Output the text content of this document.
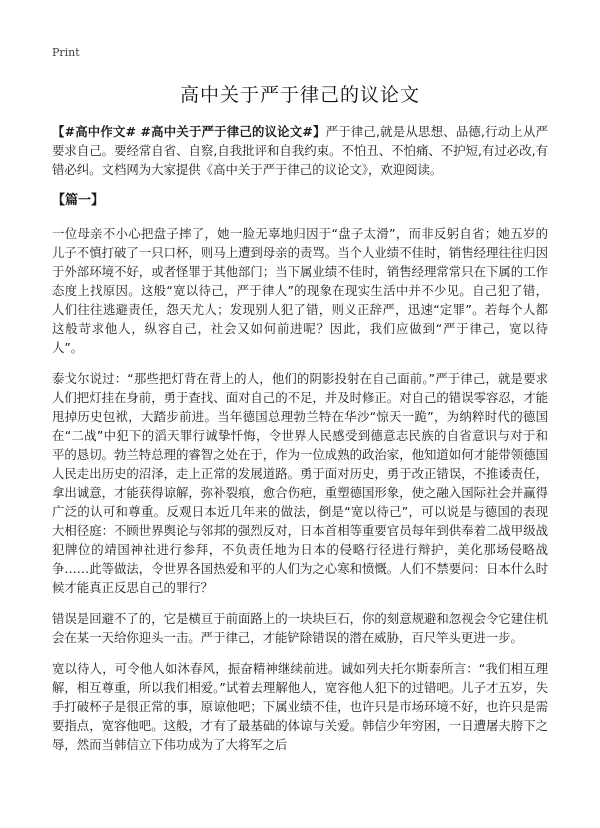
Print
高中关于严于律己的议论文

【#高中作文# #高中关于严于律己的议论文#】严于律己,就是从思想、品德,行动上从严要求自己。要经常自省、自察,自我批评和自我约束。不怕丑、不怕痛、不护短,有过必改,有错必纠。文档网为大家提供《高中关于严于律己的议论文》，欢迎阅读。

【篇一】

一位母亲不小心把盘子摔了，她一脸无辜地归因于“盘子太滑”，而非反躬自省；她五岁的儿子不慎打破了一只口杯，则马上遭到母亲的责骂。当个人业绩不佳时，销售经理往往归因于外部环境不好，或者怪罪于其他部门；当下属业绩不佳时，销售经理常常只在下属的工作态度上找原因。这般“宽以待己，严于律人”的现象在现实生活中并不少见。自己犯了错，人们往往逃避责任，怨天尤人；发现别人犯了错，则义正辞严，迅速“定罪”。若每个人都这般苛求他人，纵容自己，社会又如何前进呢？因此，我们应做到“严于律己，宽以待人”。

泰戈尔说过：“那些把灯背在背上的人，他们的阴影投射在自己面前。”严于律己，就是要求人们把灯挂在身前，勇于查找、面对自己的不足，并及时修正。对自己的错误零容忍，才能甩掉历史包袱，大踏步前进。当年德国总理勃兰特在华沙“惊天一跪”，为纳粹时代的德国在“二战”中犯下的滔天罪行诚挚忏悔，令世界人民感受到德意志民族的自省意识与对于和平的恳切。勃兰特总理的睿智之处在于，作为一位成熟的政治家，他知道如何才能带领德国人民走出历史的沼泽，走上正常的发展道路。勇于面对历史，勇于改正错误，不推诿责任，拿出诚意，才能获得谅解，弥补裂痕，愈合伤疤，重塑德国形象，使之融入国际社会并赢得广泛的认可和尊重。反观日本近几年来的做法，倒是“宽以待己”，可以说是与德国的表现大相径庭：不顾世界舆论与邻邦的强烈反对，日本首相等重要官员每年到供奉着二战甲级战犯牌位的靖国神社进行参拜，不负责任地为日本的侵略行径进行辩护，美化那场侵略战争……此等做法，令世界各国热爱和平的人们为之心寒和愤慨。人们不禁要问：日本什么时候才能真正反思自己的罪行？

错误是回避不了的，它是横亘于前面路上的一块块巨石，你的刻意规避和忽视会令它建住机会在某一天给你迎头一击。严于律己，才能铲除错误的潜在威胁，百尺竿头更进一步。

宽以待人，可令他人如沐春风，振奋精神继续前进。诚如列夫托尔斯泰所言：“我们相互理解，相互尊重，所以我们相爱。”试着去理解他人，宽容他人犯下的过错吧。儿子才五岁，失手打破杯子是很正常的事，原谅他吧；下属业绩不佳，也许只是市场环境不好，也许只是需要指点，宽容他吧。这般，才有了最基础的体谅与关爱。韩信少年穷困，一日遭屠夫胯下之辱，然而当韩信立下伟功成为了大将军之后
